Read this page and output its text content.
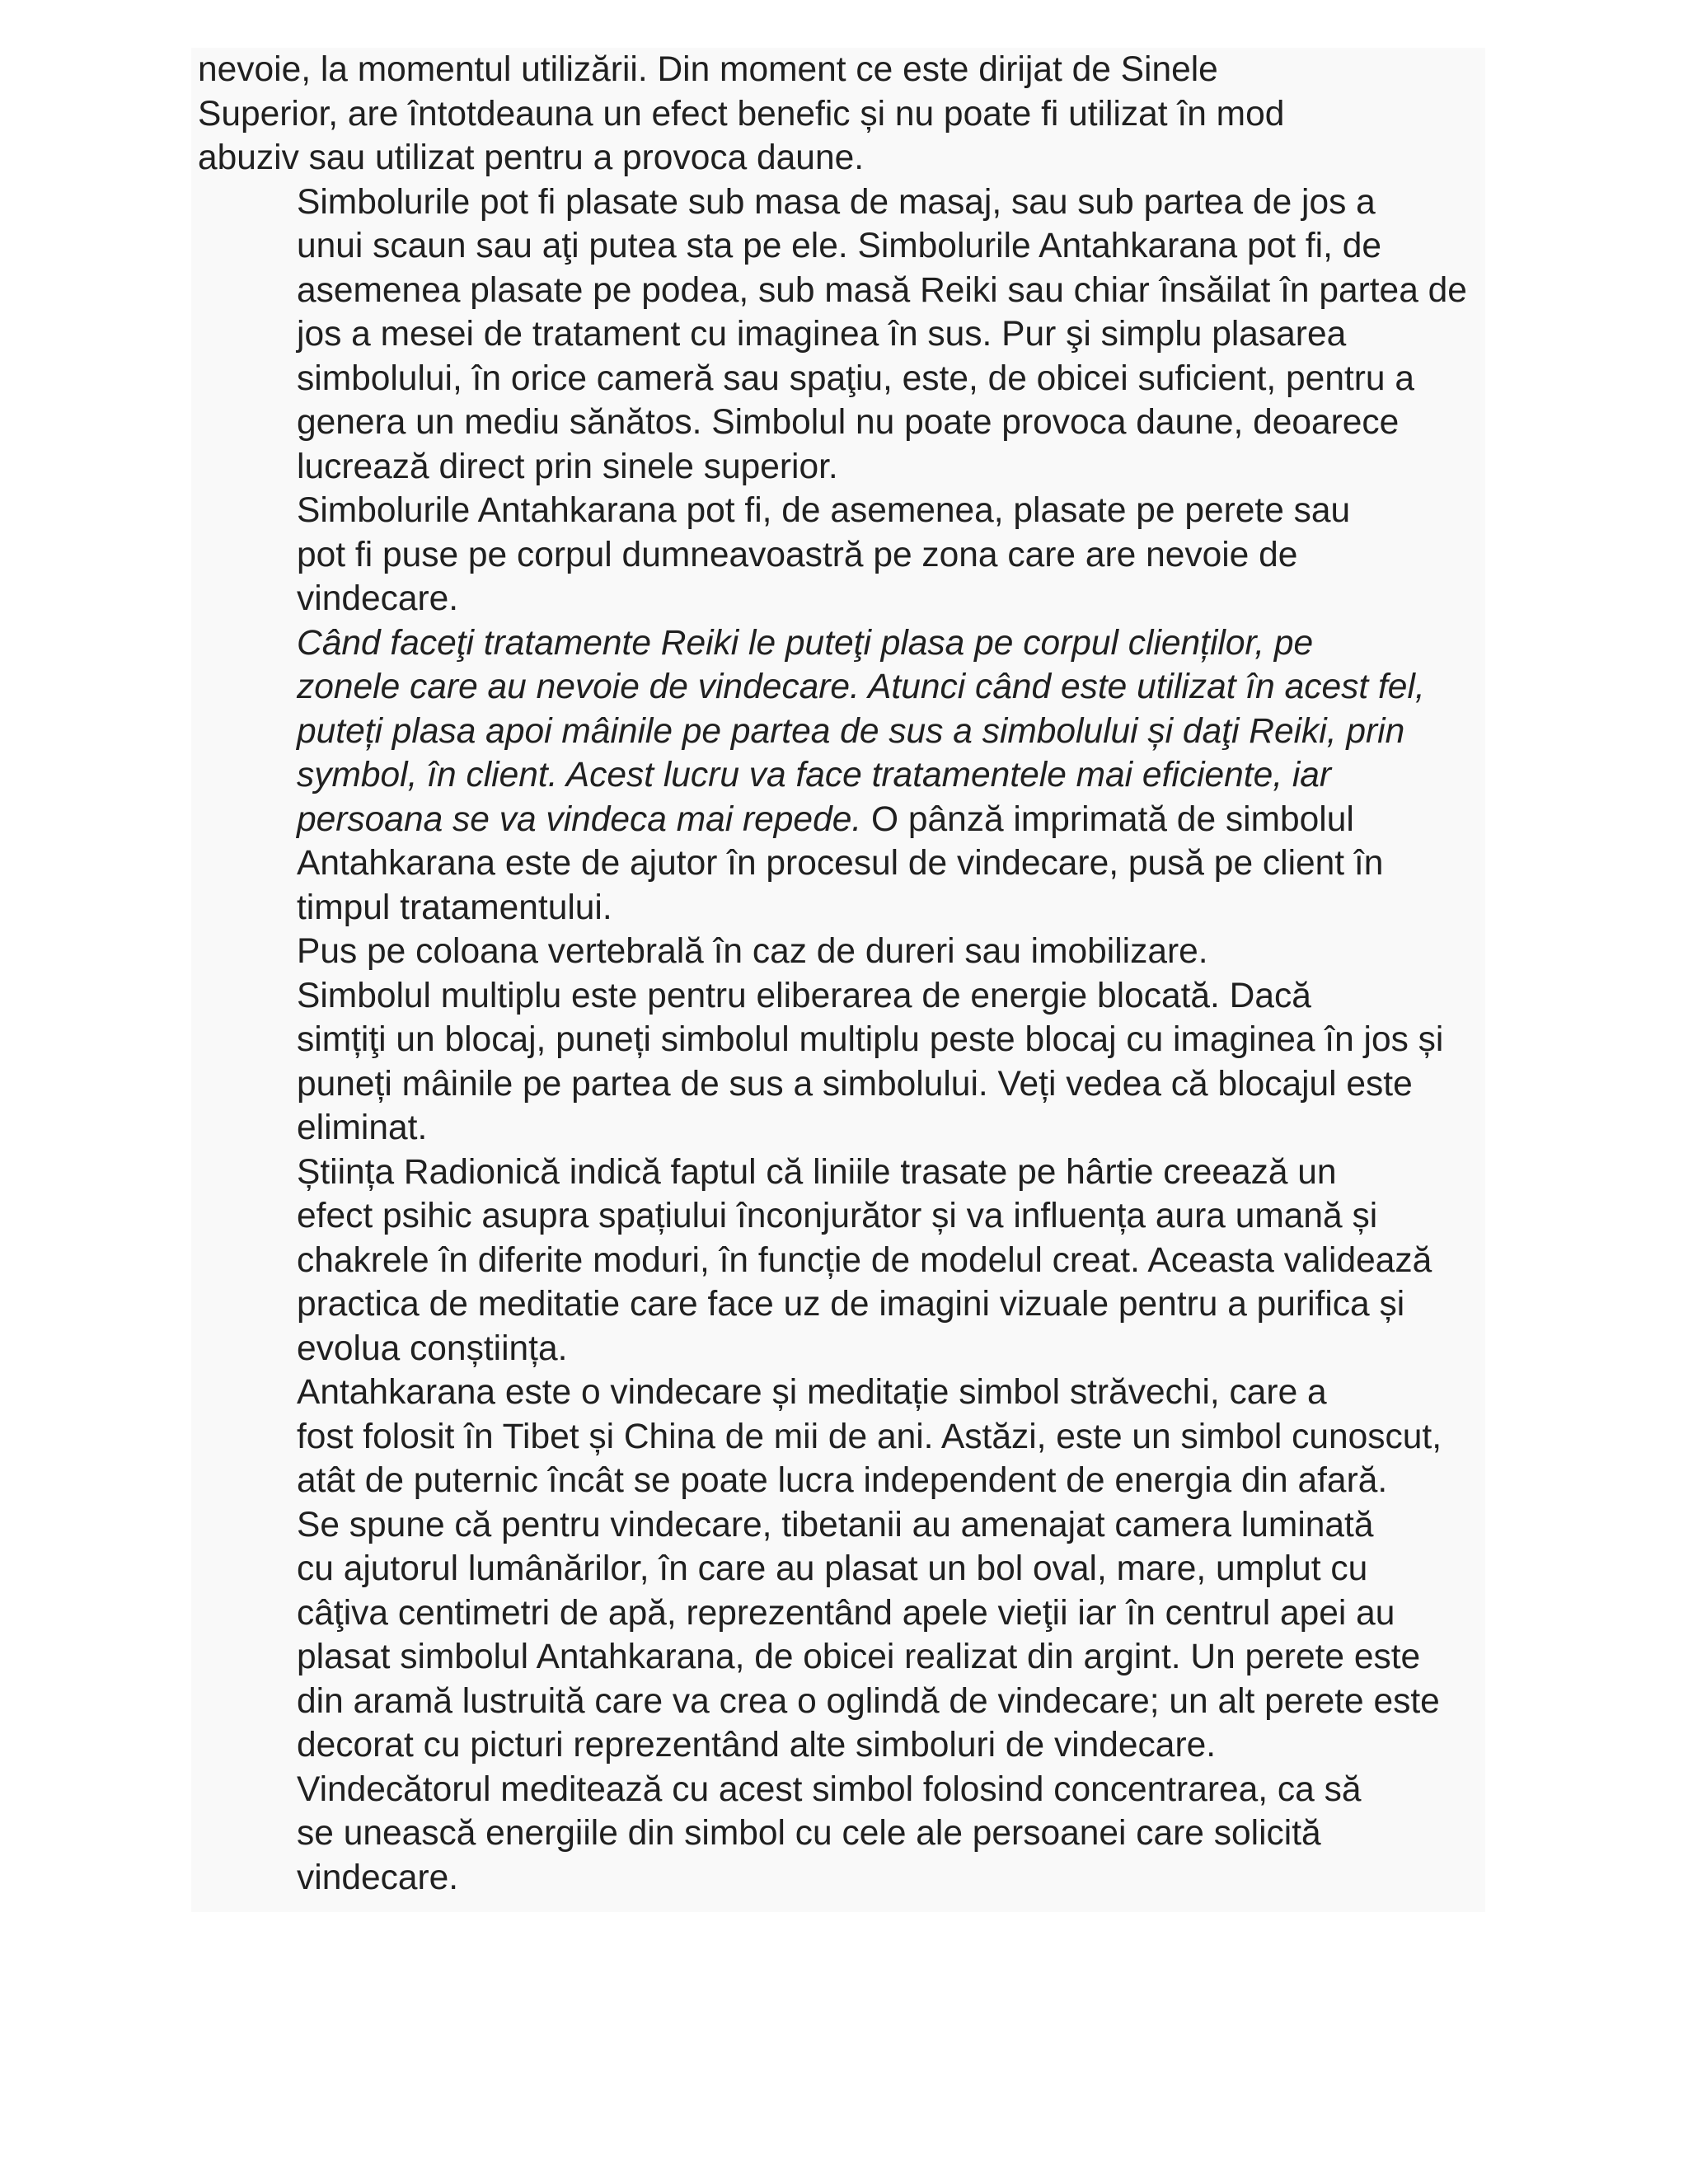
nevoie, la momentul utilizării. Din moment ce este dirijat de Sinele
Superior, are întotdeauna un efect benefic și nu poate fi utilizat în mod
abuziv sau utilizat pentru a provoca daune.

Simbolurile pot fi plasate sub masa de masaj, sau sub partea de jos a
unui scaun sau aţi putea sta pe ele. Simbolurile Antahkarana pot fi, de
asemenea plasate pe podea, sub masă Reiki sau chiar însăilat în partea de
jos a mesei de tratament cu imaginea în sus. Pur şi simplu plasarea
simbolului, în orice cameră sau spaţiu, este, de obicei suficient, pentru a
genera un mediu sănătos. Simbolul nu poate provoca daune, deoarece
lucrează direct prin sinele superior.

Simbolurile Antahkarana pot fi, de asemenea, plasate pe perete sau
pot fi puse pe corpul dumneavoastră pe zona care are nevoie de
vindecare.

Când faceţi tratamente Reiki le puteţi plasa pe corpul clienților, pe
zonele care au nevoie de vindecare. Atunci când este utilizat în acest fel,
puteți plasa apoi mâinile pe partea de sus a simbolului și daţi Reiki, prin
symbol, în client. Acest lucru va face tratamentele mai eficiente, iar
persoana se va vindeca mai repede. O pânză imprimată de simbolul
Antahkarana este de ajutor în procesul de vindecare, pusă pe client în
timpul tratamentului.

Pus pe coloana vertebrală în caz de dureri sau imobilizare.

Simbolul multiplu este pentru eliberarea de energie blocată. Dacă
simțiţi un blocaj, puneți simbolul multiplu peste blocaj cu imaginea în jos și
puneți mâinile pe partea de sus a simbolului. Veți vedea că blocajul este
eliminat.

Știința Radionică indică faptul că liniile trasate pe hârtie creează un
efect psihic asupra spațiului înconjurător și va influența aura umană și
chakrele în diferite moduri, în funcție de modelul creat. Aceasta validează
practica de meditatie care face uz de imagini vizuale pentru a purifica și
evolua conștiința.

Antahkarana este o vindecare și meditație simbol străvechi, care a
fost folosit în Tibet și China de mii de ani. Astăzi, este un simbol cunoscut,
atât de puternic încât se poate lucra independent de energia din afară.

Se spune că pentru vindecare, tibetanii au amenajat camera luminată
cu ajutorul lumânărilor, în care au plasat un bol oval, mare, umplut cu
câţiva centimetri de apă, reprezentând apele vieţii iar în centrul apei au
plasat simbolul Antahkarana, de obicei realizat din argint. Un perete este
din aramă lustruită care va crea o oglindă de vindecare; un alt perete este
decorat cu picturi reprezentând alte simboluri de vindecare.

Vindecătorul meditează cu acest simbol folosind concentrarea, ca să
se unească energiile din simbol cu cele ale persoanei care solicită
vindecare.
